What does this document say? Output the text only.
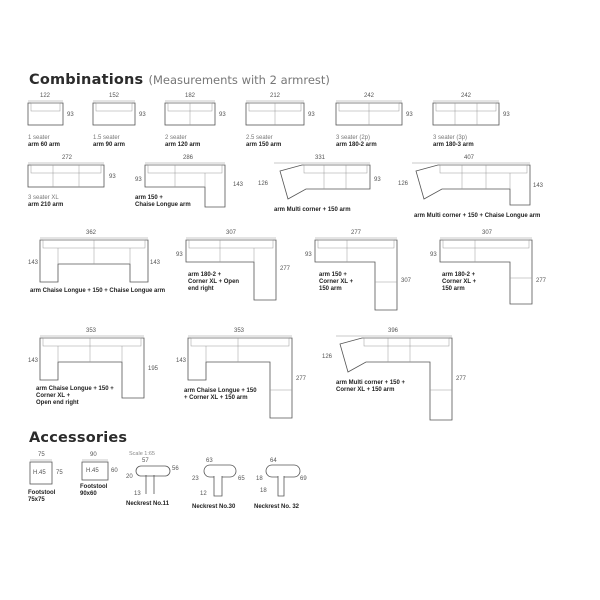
Combinations (Measurements with 2 armrest)
Accessories
122
93
1 seater
arm 60 arm
152
93
1.5 seater
arm 90 arm
182
93
2 seater
arm 120 arm
212
93
2.5 seater
arm 150 arm
242
93
3 seater (2p)
arm 180-2 arm
242
93
3 seater (3p)
arm 180-3 arm
272
93
3 seater XL
arm 210 arm
286
93
143
arm 150 +
Chaise Longue arm
331
126
93
arm Multi corner + 150 arm
407
126	143
arm Multi corner + 150 + Chaise Longue arm
362
143	143
arm Chaise Longue + 150 + Chaise Longue arm
307
93
277
arm 180-2 +
Corner XL + Open
end right
277
93
307
arm 150 +
Corner XL +
150 arm
307
93
277
arm 180-2 +
Corner XL +
150 arm
353
143
195
arm Chaise Longue + 150 +
Corner XL +
Open end right
353
143
277
arm Chaise Longue + 150
+ Corner XL + 150 arm
396
126
277
arm Multi corner + 150 +
Corner XL + 150 arm
Scale 1:65
75
H.45 75
Footstool
75x75
90
H.45 60
Footstool
90x60
57
56
20
13
Neckrest No.11
63
65
23
12
Neckrest No.30
64
69
18
18
Neckrest No. 32
